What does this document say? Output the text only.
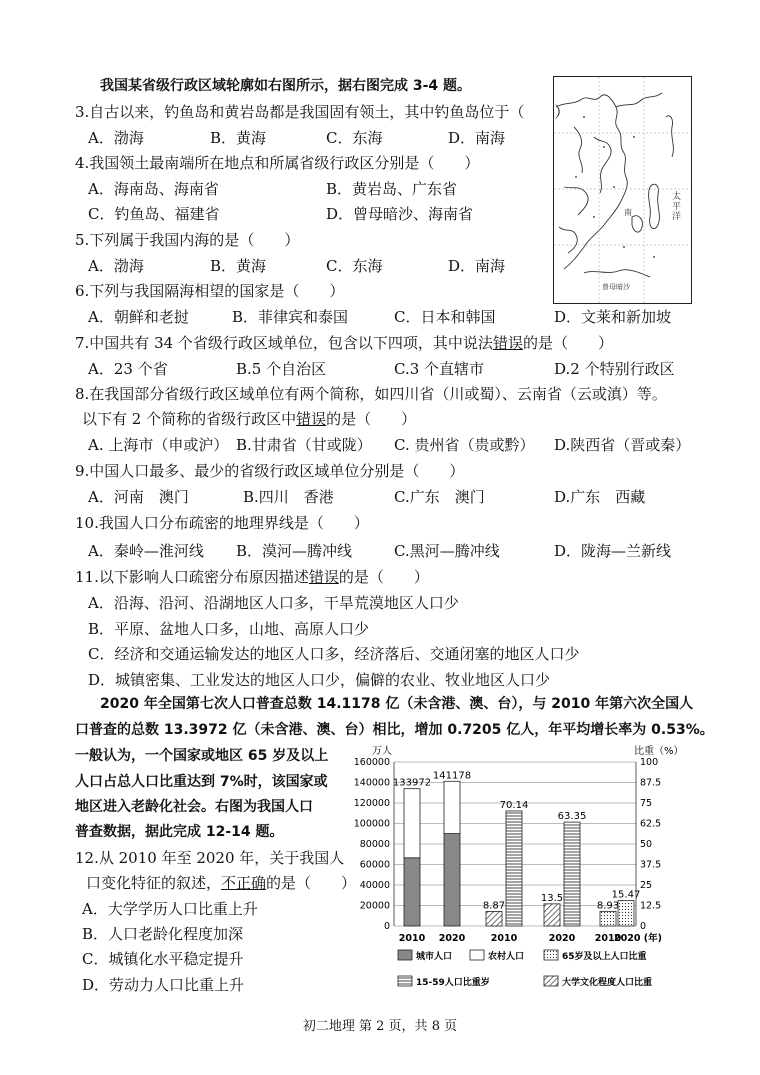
我国某省级行政区域轮廓如右图所示，据右图完成 3-4 题。
太平洋
南
曾母暗沙
3.自古以来，钓鱼岛和黄岩岛都是我国固有领土，其中钓鱼岛位于（　　）
A．渤海	B．黄海	C．东海	D．南海
4.我国领土最南端所在地点和所属省级行政区分别是（　　）
A．海南岛、海南省	B．黄岩岛、广东省
C．钓鱼岛、福建省	D．曾母暗沙、海南省
5.下列属于我国内海的是（　　）
A．渤海	B．黄海	C．东海	D．南海
6.下列与我国隔海相望的国家是（　　）
A．朝鲜和老挝	B．菲律宾和泰国	C．日本和韩国	D．文莱和新加坡
7.中国共有 34 个省级行政区域单位，包含以下四项，其中说法错误的是（　　）
A．23 个省	B.5 个自治区	C.3 个直辖市	D.2 个特别行政区
8.在我国部分省级行政区域单位有两个简称，如四川省（川或蜀）、云南省（云或滇）等。
以下有 2 个简称的省级行政区中错误的是（　　）
A. 上海市（申或沪） B.甘肃省（甘或陇） C. 贵州省（贵或黔） D.陕西省（晋或秦）
9.中国人口最多、最少的省级行政区域单位分别是（　　）
A．河南　澳门	B.四川　香港	C.广东　澳门	D.广东　西藏
10.我国人口分布疏密的地理界线是（　　）
A．秦岭—淮河线 B．漠河—腾冲线	C.黑河—腾冲线	D．陇海—兰新线
11.以下影响人口疏密分布原因描述错误的是（　　）
A．沿海、沿河、沿湖地区人口多，干旱荒漠地区人口少
B．平原、盆地人口多，山地、高原人口少
C．经济和交通运输发达的地区人口多，经济落后、交通闭塞的地区人口少
D．城镇密集、工业发达的地区人口少，偏僻的农业、牧业地区人口少
2020 年全国第七次人口普查总数 14.1178 亿（未含港、澳、台），与 2010 年第六次全国人
口普查的总数 13.3972 亿（未含港、澳、台）相比，增加 0.7205 亿人，年平均增长率为 0.53%。
一般认为，一个国家或地区 65 岁及以上
人口占总人口比重达到 7%时，该国家或
地区进入老龄化社会。右图为我国人口
普查数据，据此完成 12-14 题。
12.从 2010 年至 2020 年，关于我国人
口变化特征的叙述，不正确的是（　　）
A．大学学历人口比重上升
B．人口老龄化程度加深
C．城镇化水平稳定提升
D．劳动力人口比重上升
万人	比重（%）
0	0
20000	12.5
40000	25
60000	37.5
80000	50
100000	62.5
120000	75
140000	87.5
160000	100
133972
141178
8.87
70.14
13.5
63.35
8.93
15.47
2010 2020	2010	2020 2010
2020 (年)
城市人口	农村人口	65岁及以上人口比重
15-59人口比重岁	大学文化程度人口比重
初二地理 第 2 页，共 8 页
